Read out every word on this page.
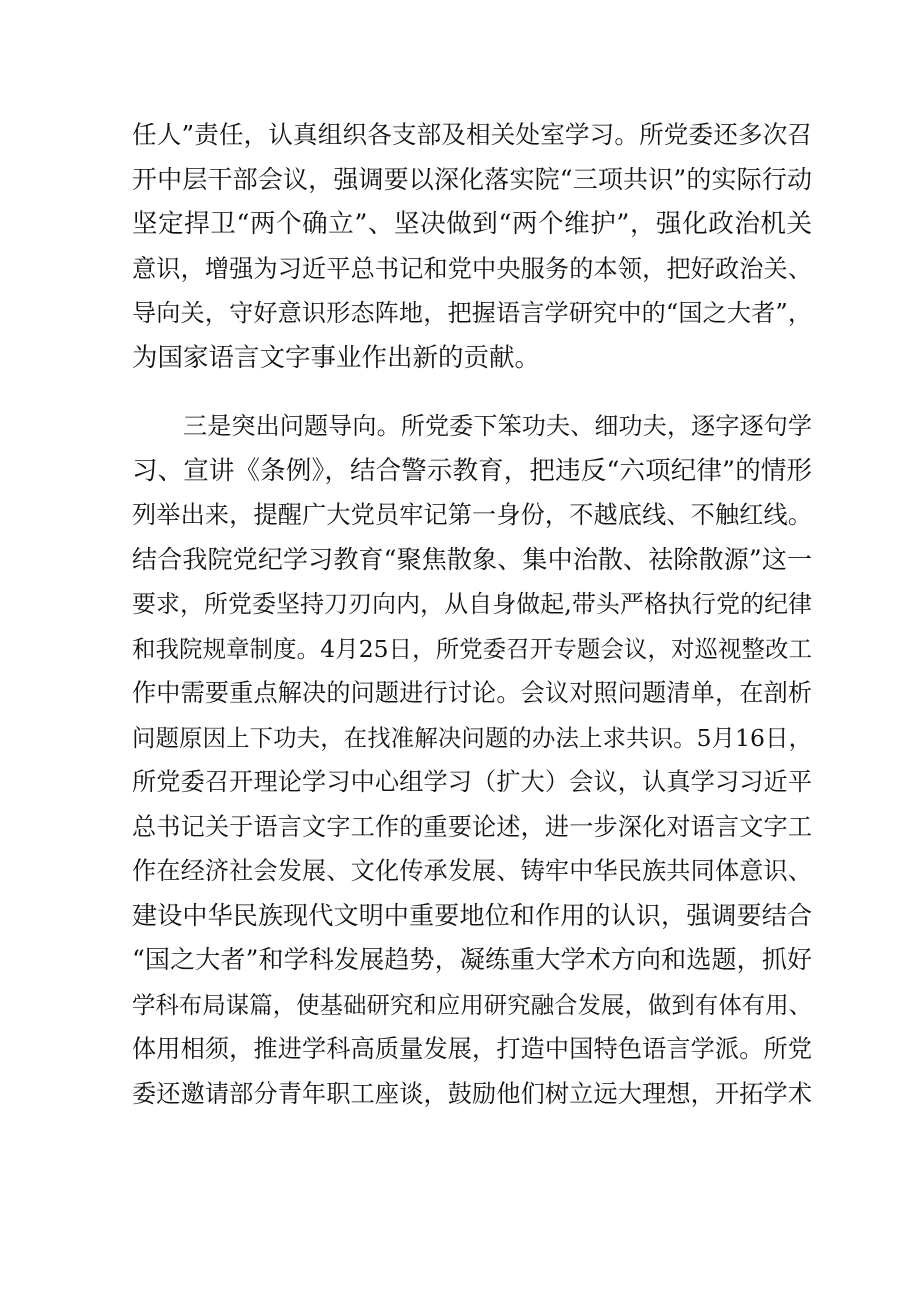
任人”责任，认真组织各支部及相关处室学习。所党委还多次召
开中层干部会议，强调要以深化落实院“三项共识”的实际行动
坚定捍卫“两个确立”、坚决做到“两个维护”，强化政治机关
意识，增强为习近平总书记和党中央服务的本领，把好政治关、
导向关，守好意识形态阵地，把握语言学研究中的“国之大者”，
为国家语言文字事业作出新的贡献。
三是突出问题导向。所党委下笨功夫、细功夫，逐字逐句学
习、宣讲《条例》，结合警示教育，把违反“六项纪律”的情形
列举出来，提醒广大党员牢记第一身份，不越底线、不触红线。
结合我院党纪学习教育“聚焦散象、集中治散、祛除散源”这一
要求，所党委坚持刀刃向内，从自身做起,带头严格执行党的纪律
和我院规章制度。4月25日，所党委召开专题会议，对巡视整改工
作中需要重点解决的问题进行讨论。会议对照问题清单，在剖析
问题原因上下功夫，在找准解决问题的办法上求共识。5月16日，
所党委召开理论学习中心组学习（扩大）会议，认真学习习近平
总书记关于语言文字工作的重要论述，进一步深化对语言文字工
作在经济社会发展、文化传承发展、铸牢中华民族共同体意识、
建设中华民族现代文明中重要地位和作用的认识，强调要结合
“国之大者”和学科发展趋势，凝练重大学术方向和选题，抓好
学科布局谋篇，使基础研究和应用研究融合发展，做到有体有用、
体用相须，推进学科高质量发展，打造中国特色语言学派。所党
委还邀请部分青年职工座谈，鼓励他们树立远大理想，开拓学术
